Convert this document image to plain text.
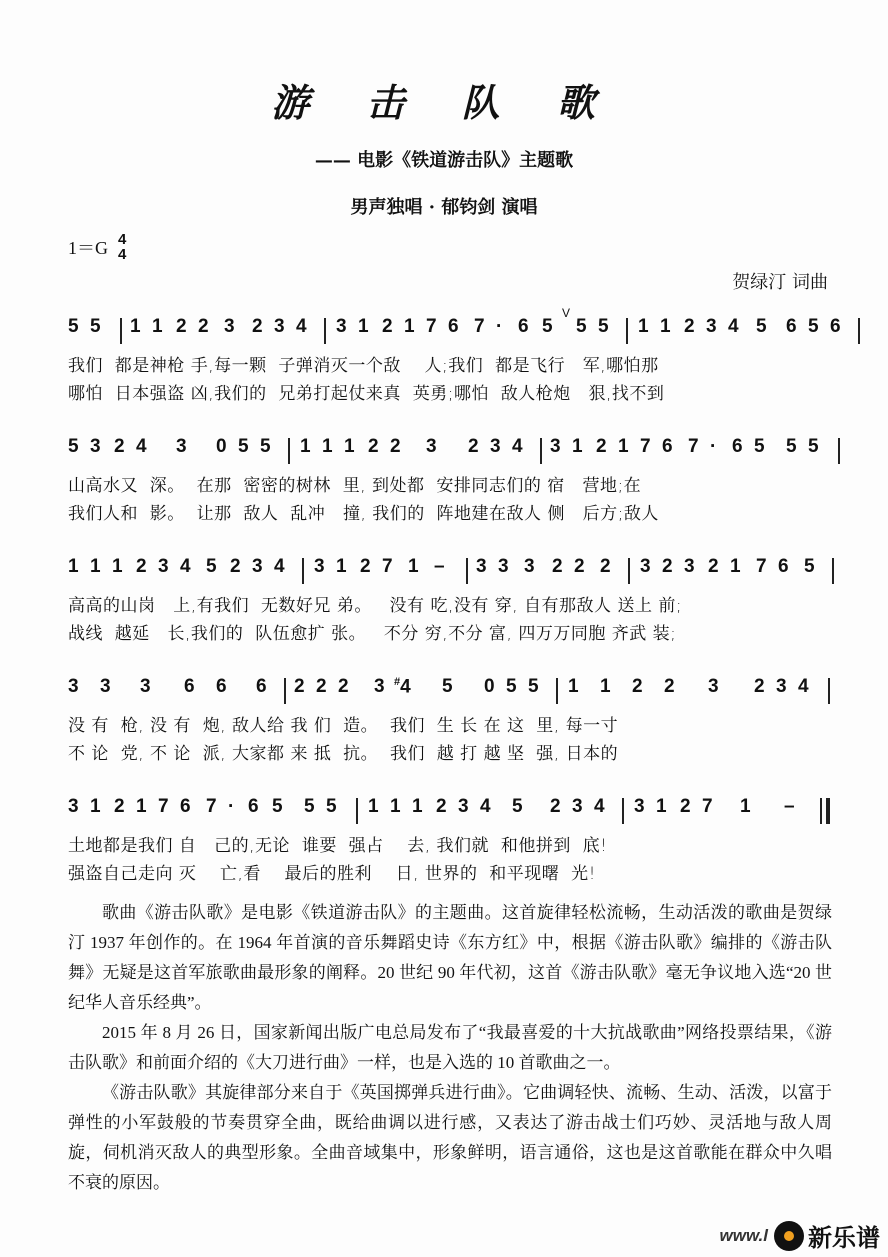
游 击 队 歌
—— 电影《铁道游击队》主题歌
男声独唱 · 郁钧剑 演唱
1＝G 4
4
贺绿汀 词曲
5 5 1 1 2 2 3 2 3 4 3 1 2 1 7 6 7 · 6 5
V
5 5 1 1 2 3 4 5 6 5 6
我们  都是神枪 手,每一颗  子弹消灭一个敌    人;我们  都是飞行   军,哪怕那
哪怕  日本强盗 凶,我们的  兄弟打起仗来真  英勇;哪怕  敌人枪炮   狠,找不到
5 3 2 4 3 0 5 5 1 1 1 2 2 3 2 3 4 3 1 2 1 7 6 7 · 6 5 5 5
山高水又  深。  在那  密密的树林  里, 到处都  安排同志们的 宿   营地;在
我们人和  影。  让那  敌人  乱冲   撞, 我们的  阵地建在敌人 侧   后方;敌人
1 1 1 2 3 4 5 2 3 4 3 1 2 7 1 – 3 3 3 2 2 2 3 2 3 2 1 7 6 5
高高的山岗   上,有我们  无数好兄 弟。   没有 吃,没有 穿, 自有那敌人 送上 前;
战线  越延   长,我们的  队伍愈扩 张。   不分 穷,不分 富, 四万万同胞 齐武 装;
3 3 3 6 6 6 2 2 2 3 #4 5 0 5 5 1 1 2 2 3 2 3 4
没 有  枪, 没 有  炮, 敌人给 我 们  造。  我们  生 长 在 这  里, 每一寸
不 论  党, 不 论  派, 大家都 来 抵  抗。  我们  越 打 越 坚  强, 日本的
3 1 2 1 7 6 7 · 6 5 5 5 1 1 1 2 3 4 5 2 3 4 3 1 2 7 1 –
土地都是我们 自   己的,无论  谁要  强占    去, 我们就  和他拼到  底!
强盗自己走向 灭    亡,看    最后的胜利    日, 世界的  和平现曙  光!

歌曲《游击队歌》是电影《铁道游击队》的主题曲。这首旋律轻松流畅，生动活泼的歌曲是贺绿汀 1937 年创作的。在 1964 年首演的音乐舞蹈史诗《东方红》中，根据《游击队歌》编排的《游击队舞》无疑是这首军旅歌曲最形象的阐释。20 世纪 90 年代初，这首《游击队歌》毫无争议地入选“20 世纪华人音乐经典”。

2015 年 8 月 26 日，国家新闻出版广电总局发布了“我最喜爱的十大抗战歌曲”网络投票结果，《游击队歌》和前面介绍的《大刀进行曲》一样，也是入选的 10 首歌曲之一。

《游击队歌》其旋律部分来自于《英国掷弹兵进行曲》。它曲调轻快、流畅、生动、活泼，以富于弹性的小军鼓般的节奏贯穿全曲，既给曲调以进行感，又表达了游击战士们巧妙、灵活地与敌人周旋，伺机消灭敌人的典型形象。全曲音域集中，形象鲜明，语言通俗，这也是这首歌能在群众中久唱不衰的原因。

www.l 新乐谱
